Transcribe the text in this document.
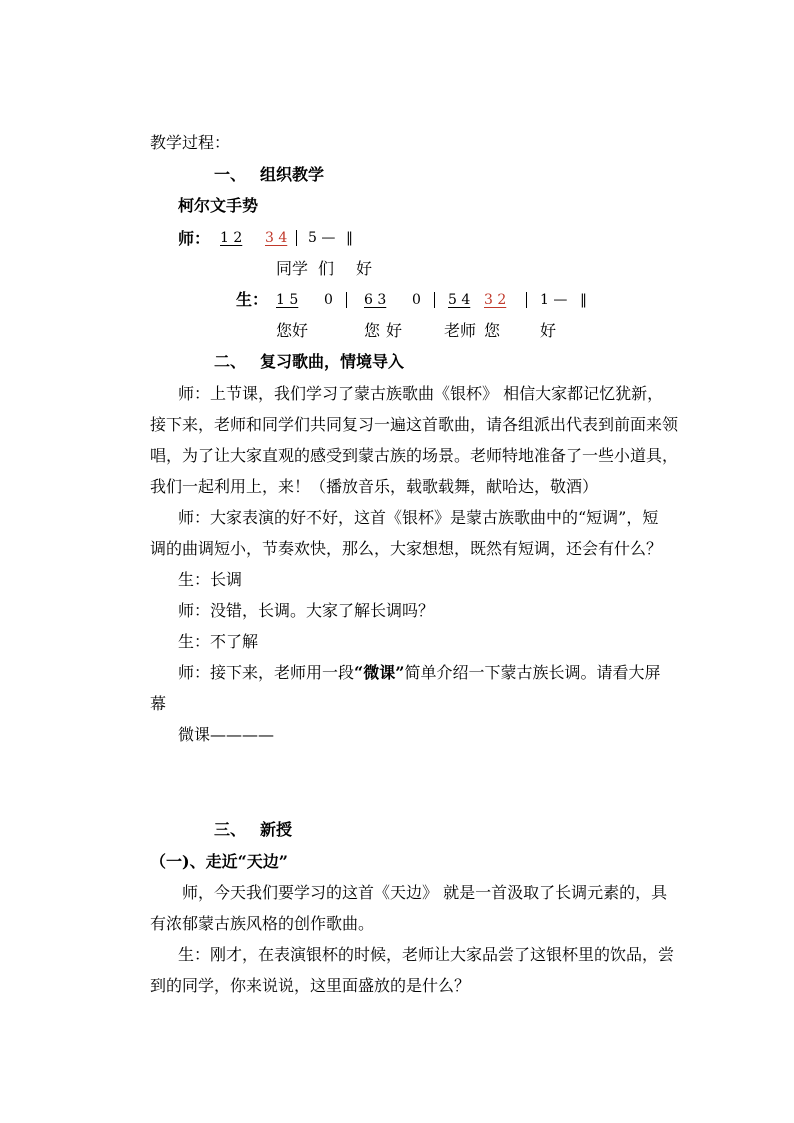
教学过程：
一、 组织教学
柯尔文手势
师： 1 2 3 4 5 — ‖
同学 们 好
生： 1 5 0 6 3 0 5 4 3 2 1 — ‖
您好	您 好	老师 您 好
二、 复习歌曲，情境导入
师：上节课，我们学习了蒙古族歌曲《银杯》 相信大家都记忆犹新，
接下来，老师和同学们共同复习一遍这首歌曲，请各组派出代表到前面来领
唱，为了让大家直观的感受到蒙古族的场景。老师特地准备了一些小道具，
我们一起利用上，来！（播放音乐，载歌载舞，献哈达，敬酒）
师：大家表演的好不好，这首《银杯》是蒙古族歌曲中的“短调”，短
调的曲调短小，节奏欢快，那么，大家想想，既然有短调，还会有什么？
生：长调
师：没错，长调。大家了解长调吗？
生：不了解
师：接下来，老师用一段“微课”简单介绍一下蒙古族长调。请看大屏
幕
微课————
三、 新授
（一)、走近“天边”
师，今天我们要学习的这首《天边》 就是一首汲取了长调元素的，具
有浓郁蒙古族风格的创作歌曲。
生：刚才，在表演银杯的时候，老师让大家品尝了这银杯里的饮品，尝
到的同学，你来说说，这里面盛放的是什么？
